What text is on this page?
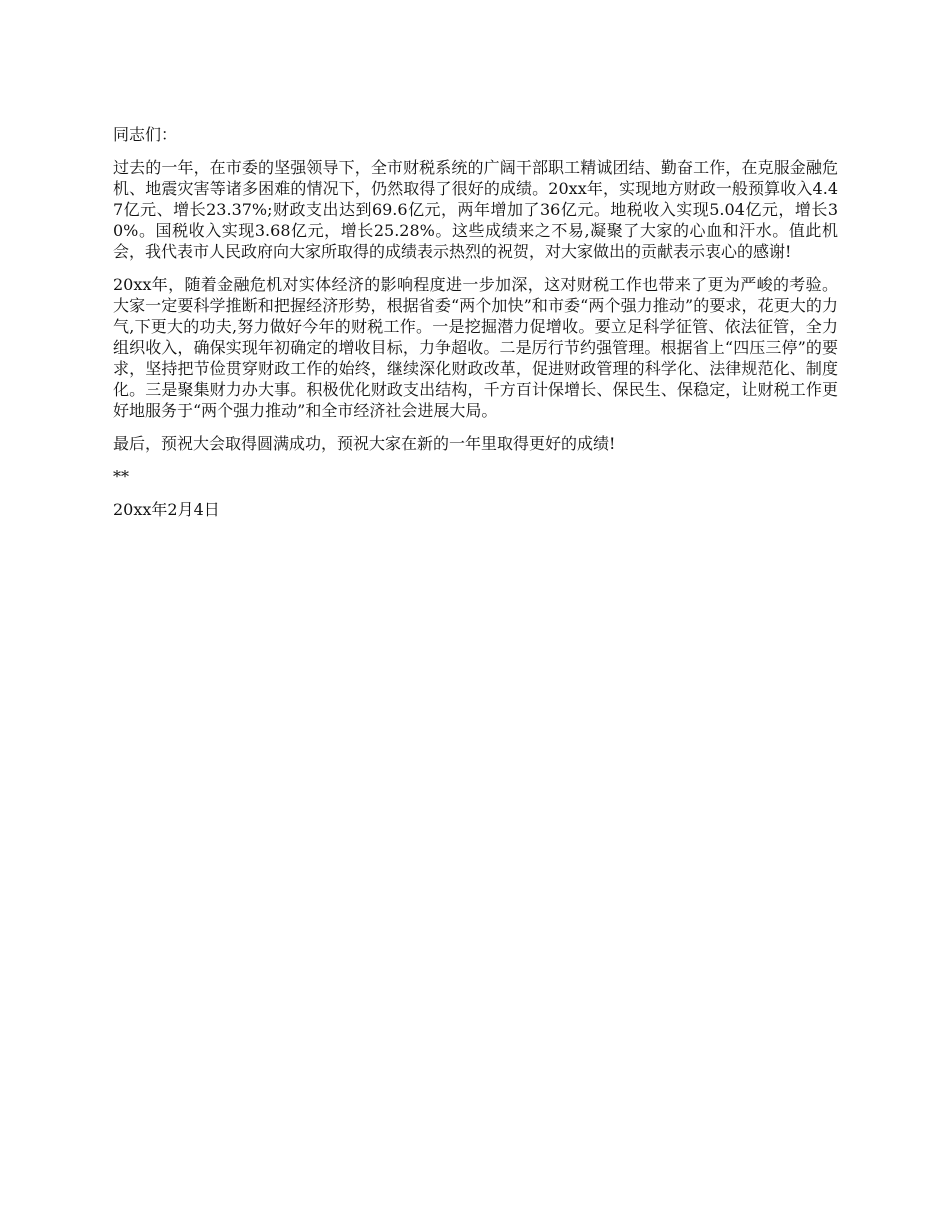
同志们：

过去的一年，在市委的坚强领导下，全市财税系统的广阔干部职工精诚团结、勤奋工作，在克服金融危机、地震灾害等诸多困难的情况下，仍然取得了很好的成绩。20xx年，实现地方财政一般预算收入4.47亿元、增长23.37%;财政支出达到69.6亿元，两年增加了36亿元。地税收入实现5.04亿元，增长30%。国税收入实现3.68亿元，增长25.28%。这些成绩来之不易,凝聚了大家的心血和汗水。值此机会，我代表市人民政府向大家所取得的成绩表示热烈的祝贺，对大家做出的贡献表示衷心的感谢!

20xx年，随着金融危机对实体经济的影响程度进一步加深，这对财税工作也带来了更为严峻的考验。大家一定要科学推断和把握经济形势，根据省委“两个加快”和市委“两个强力推动”的要求，花更大的力气,下更大的功夫,努力做好今年的财税工作。一是挖掘潜力促增收。要立足科学征管、依法征管，全力组织收入，确保实现年初确定的增收目标，力争超收。二是厉行节约强管理。根据省上“四压三停”的要求，坚持把节俭贯穿财政工作的始终，继续深化财政改革，促进财政管理的科学化、法律规范化、制度化。三是聚集财力办大事。积极优化财政支出结构，千方百计保增长、保民生、保稳定，让财税工作更好地服务于“两个强力推动”和全市经济社会进展大局。

最后，预祝大会取得圆满成功，预祝大家在新的一年里取得更好的成绩!

**

20xx年2月4日
